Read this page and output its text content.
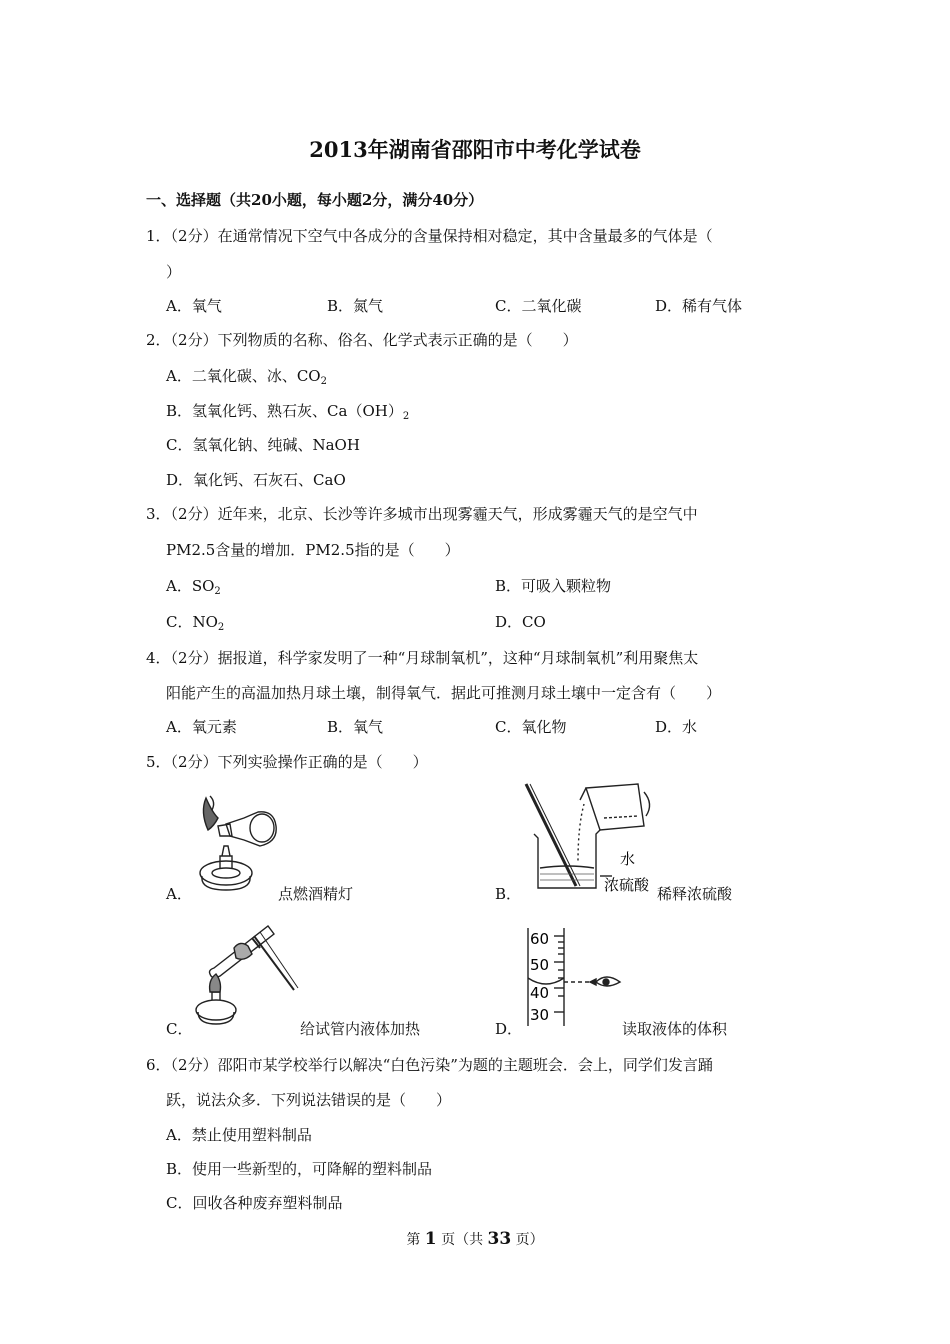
2013年湖南省邵阳市中考化学试卷
一、选择题（共20小题，每小题2分，满分40分）
1．（2分）在通常情况下空气中各成分的含量保持相对稳定，其中含量最多的气体是（
）
A．氧气	B．氮气	C．二氧化碳	D．稀有气体
2．（2分）下列物质的名称、俗名、化学式表示正确的是（　　）
A．二氧化碳、冰、$CO_2$
B．氢氧化钙、熟石灰、$Ca(OH)_2$
C．氢氧化钠、纯碱、NaOH
D．氧化钙、石灰石、CaO
3．（2分）近年来，北京、长沙等许多城市出现雾霾天气，形成雾霾天气的是空气中
PM2.5含量的增加．PM2.5指的是（　　）
A．$SO_2$	B．可吸入颗粒物
C．$NO_2$	D．CO
4．（2分）据报道，科学家发明了一种“月球制氧机”，这种“月球制氧机”利用聚焦太
阳能产生的高温加热月球土壤，制得氧气．据此可推测月球土壤中一定含有（　　）
A．氧元素	B．氧气	C．氧化物	D．水
5．（2分）下列实验操作正确的是（　　）
A．	点燃酒精灯	B．
水
浓硫酸 稀释浓硫酸
C．	给试管内液体加热	D．
60
50
40
30
读取液体的体积
6．（2分）邵阳市某学校举行以解决“白色污染”为题的主题班会．会上，同学们发言踊
跃，说法众多．下列说法错误的是（　　）
A．禁止使用塑料制品
B．使用一些新型的，可降解的塑料制品
C．回收各种废弃塑料制品
第 1 页（共 33 页）
